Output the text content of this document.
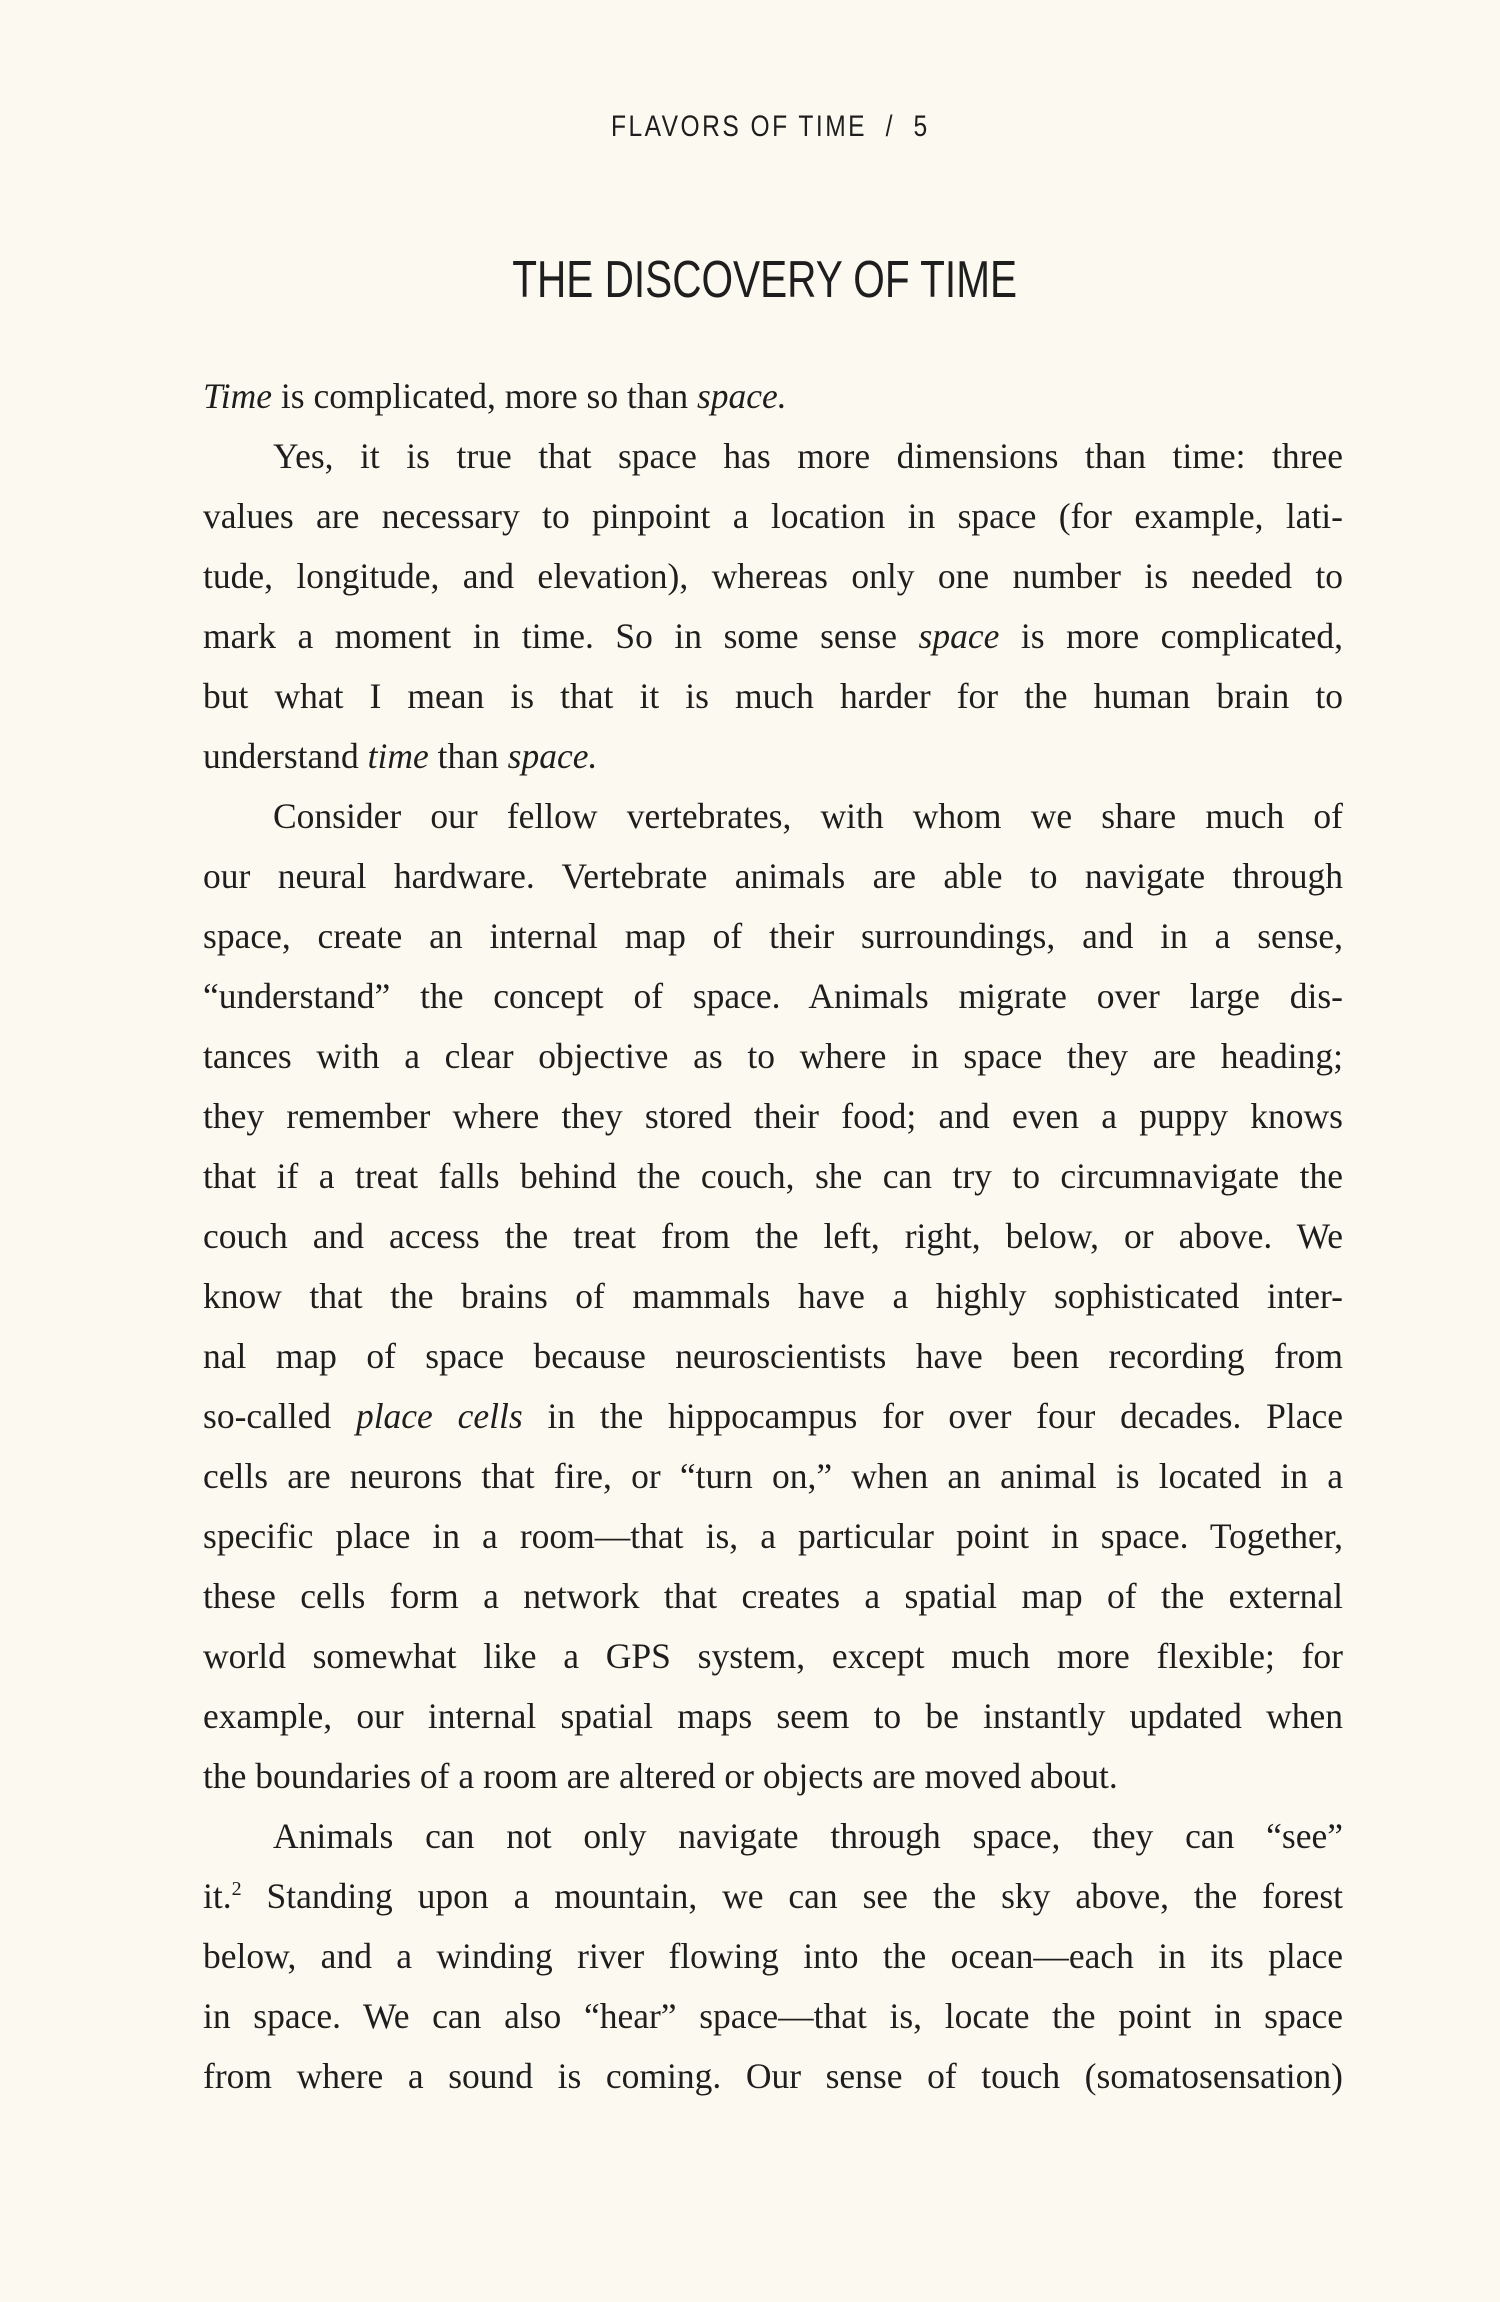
FLAVORS OF TIME  /  5
THE DISCOVERY OF TIME
Time is complicated, more so than space.
Yes, it is true that space has more dimensions than time: three
values are necessary to pinpoint a location in space (for example, lati-
tude, longitude, and elevation), whereas only one number is needed to
mark a moment in time. So in some sense space is more complicated,
but what I mean is that it is much harder for the human brain to
understand time than space.
Consider our fellow vertebrates, with whom we share much of
our neural hardware. Vertebrate animals are able to navigate through
space, create an internal map of their surroundings, and in a sense,
“understand” the concept of space. Animals migrate over large dis-
tances with a clear objective as to where in space they are heading;
they remember where they stored their food; and even a puppy knows
that if a treat falls behind the couch, she can try to circumnavigate the
couch and access the treat from the left, right, below, or above. We
know that the brains of mammals have a highly sophisticated inter-
nal map of space because neuroscientists have been recording from
so-called place cells in the hippocampus for over four decades. Place
cells are neurons that fire, or “turn on,” when an animal is located in a
specific place in a room—that is, a particular point in space. Together,
these cells form a network that creates a spatial map of the external
world somewhat like a GPS system, except much more flexible; for
example, our internal spatial maps seem to be instantly updated when
the boundaries of a room are altered or objects are moved about.
Animals can not only navigate through space, they can “see”
it.$^2$ Standing upon a mountain, we can see the sky above, the forest
below, and a winding river flowing into the ocean—each in its place
in space. We can also “hear” space—that is, locate the point in space
from where a sound is coming. Our sense of touch (somatosensation)
